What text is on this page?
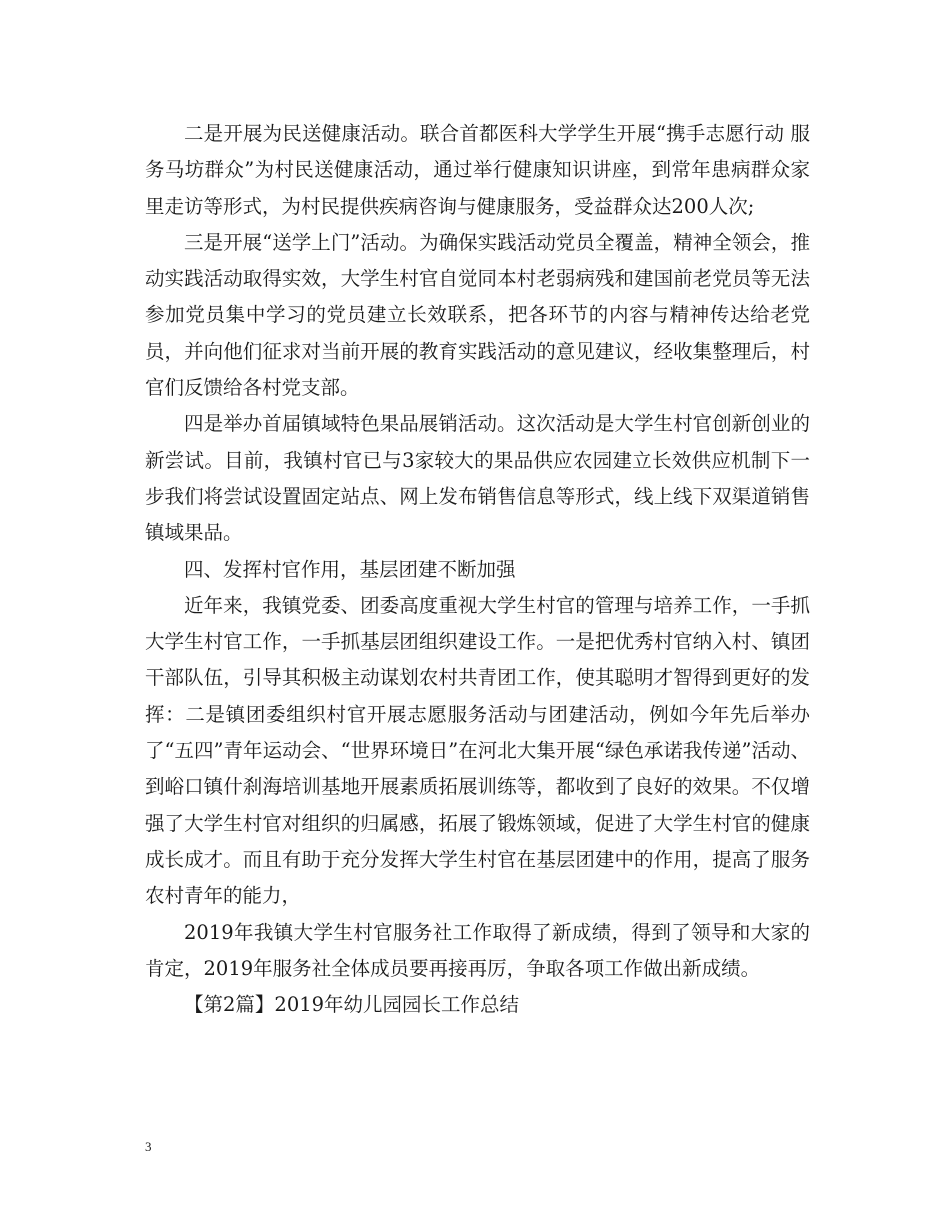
二是开展为民送健康活动。联合首都医科大学学生开展“携手志愿行动 服务马坊群众”为村民送健康活动，通过举行健康知识讲座，到常年患病群众家里走访等形式，为村民提供疾病咨询与健康服务，受益群众达200人次;

三是开展“送学上门”活动。为确保实践活动党员全覆盖，精神全领会，推动实践活动取得实效，大学生村官自觉同本村老弱病残和建国前老党员等无法参加党员集中学习的党员建立长效联系，把各环节的内容与精神传达给老党员，并向他们征求对当前开展的教育实践活动的意见建议，经收集整理后，村官们反馈给各村党支部。

四是举办首届镇域特色果品展销活动。这次活动是大学生村官创新创业的新尝试。目前，我镇村官已与3家较大的果品供应农园建立长效供应机制下一步我们将尝试设置固定站点、网上发布销售信息等形式，线上线下双渠道销售镇域果品。

四、发挥村官作用，基层团建不断加强

近年来，我镇党委、团委高度重视大学生村官的管理与培养工作，一手抓大学生村官工作，一手抓基层团组织建设工作。一是把优秀村官纳入村、镇团干部队伍，引导其积极主动谋划农村共青团工作，使其聪明才智得到更好的发挥：二是镇团委组织村官开展志愿服务活动与团建活动，例如今年先后举办了“五四”青年运动会、“世界环境日”在河北大集开展“绿色承诺我传递”活动、到峪口镇什刹海培训基地开展素质拓展训练等，都收到了良好的效果。不仅增强了大学生村官对组织的归属感，拓展了锻炼领域，促进了大学生村官的健康成长成才。而且有助于充分发挥大学生村官在基层团建中的作用，提高了服务农村青年的能力，

2019年我镇大学生村官服务社工作取得了新成绩，得到了领导和大家的肯定，2019年服务社全体成员要再接再厉，争取各项工作做出新成绩。

【第2篇】2019年幼儿园园长工作总结

3
